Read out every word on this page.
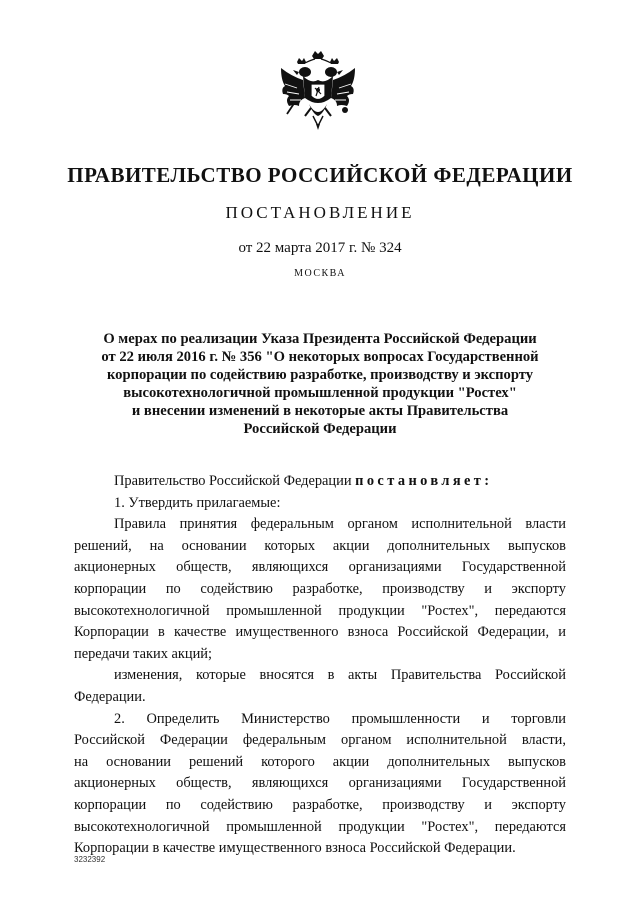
ПРАВИТЕЛЬСТВО РОССИЙСКОЙ ФЕДЕРАЦИИ
ПОСТАНОВЛЕНИЕ
от 22 марта 2017 г. № 324
МОСКВА
О мерах по реализации Указа Президента Российской Федерации
от 22 июля 2016 г. № 356 "О некоторых вопросах Государственной
корпорации по содействию разработке, производству и экспорту
высокотехнологичной промышленной продукции "Ростех"
и внесении изменений в некоторые акты Правительства
Российской Федерации
Правительство Российской Федерации постановляет:
1. Утвердить прилагаемые:
Правила принятия федеральным органом исполнительной власти
решений, на основании которых акции дополнительных выпусков
акционерных обществ, являющихся организациями Государственной
корпорации по содействию разработке, производству и экспорту
высокотехнологичной промышленной продукции "Ростех", передаются
Корпорации в качестве имущественного взноса Российской Федерации, и
передачи таких акций;
изменения, которые вносятся в акты Правительства Российской
Федерации.
2. Определить Министерство промышленности и торговли
Российской Федерации федеральным органом исполнительной власти,
на основании решений которого акции дополнительных выпусков
акционерных обществ, являющихся организациями Государственной
корпорации по содействию разработке, производству и экспорту
высокотехнологичной промышленной продукции "Ростех", передаются
Корпорации в качестве имущественного взноса Российской Федерации.
3232392
